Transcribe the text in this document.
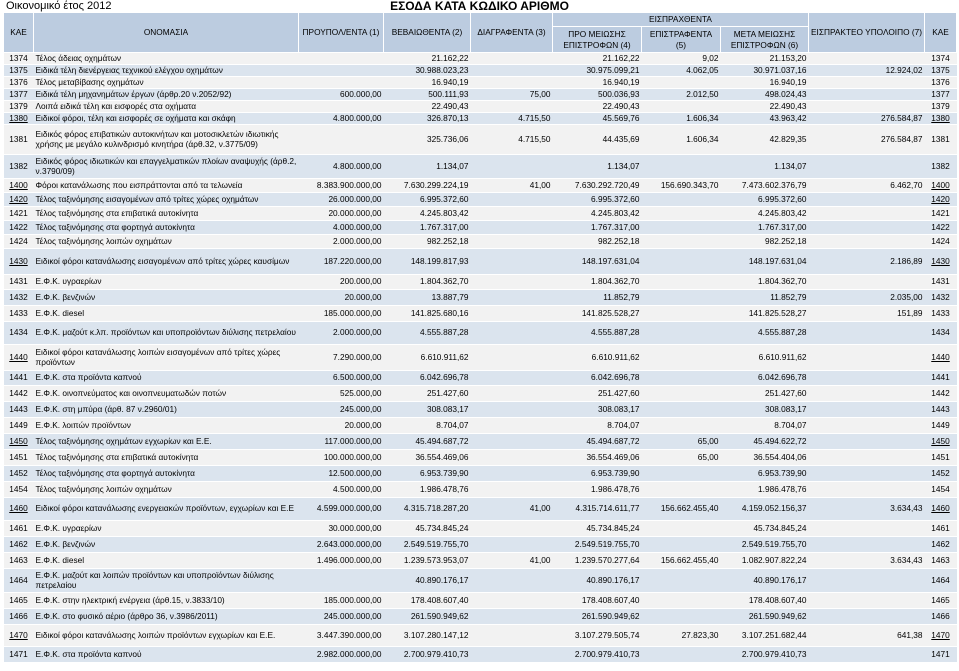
Οικονομικό έτος 2012	ΕΣΟΔΑ ΚΑΤΑ ΚΩΔΙΚΟ ΑΡΙΘΜΟ
ΚΑΕ	ΟΝΟΜΑΣΙΑ	ΠΡΟΥΠΟΛ/ΕΝΤΑ (1)	ΒΕΒΑΙΩΘΕΝΤΑ (2)	ΔΙΑΓΡΑΦΕΝΤΑ (3)	ΕΙΣΠΡΑΧΘΕΝΤΑ			ΕΙΣΠΡΑΚΤΕΟ ΥΠΟΛΟΙΠΟ (7)	ΚΑΕ
					ΠΡΟ ΜΕΙΩΣΗΣ ΕΠΙΣΤΡΟΦΩΝ (4)	ΕΠΙΣΤΡΑΦΕΝΤΑ (5)	ΜΕΤΑ ΜΕΙΩΣΗΣ ΕΠΙΣΤΡΟΦΩΝ (6)		
1374	Τέλος άδειας οχημάτων		21.162,22		21.162,22	9,02	21.153,20		1374
1375	Ειδικά τέλη διενέργειας τεχνικού ελέγχου οχημάτων		30.988.023,23		30.975.099,21	4.062,05	30.971.037,16	12.924,02	1375
1376	Τέλος μεταβίβασης οχημάτων		16.940,19		16.940,19		16.940,19		1376
1377	Ειδικά τέλη μηχανημάτων έργων (άρθρ.20 ν.2052/92)	600.000,00	500.111,93	75,00	500.036,93	2.012,50	498.024,43		1377
1379	Λοιπά ειδικά τέλη και εισφορές στα οχήματα		22.490,43		22.490,43		22.490,43		1379
1380	Ειδικοί φόροι, τέλη και εισφορές σε οχήματα και σκάφη	4.800.000,00	326.870,13	4.715,50	45.569,76	1.606,34	43.963,42	276.584,87	1380
1381	Ειδικός φόρος επιβατικών αυτοκινήτων και μοτοσικλετών ιδιωτικής χρήσης με μεγάλο κυλινδρισμό κινητήρα (άρθ.32, ν.3775/09)		325.736,06	4.715,50	44.435,69	1.606,34	42.829,35	276.584,87	1381
1382	Ειδικός φόρος ιδιωτικών και επαγγελματικών πλοίων αναψυχής (άρθ.2, ν.3790/09)	4.800.000,00	1.134,07		1.134,07		1.134,07		1382
1400	Φόροι κατανάλωσης που εισπράττονται από τα τελωνεία	8.383.900.000,00	7.630.299.224,19	41,00	7.630.292.720,49	156.690.343,70	7.473.602.376,79	6.462,70	1400
1420	Τέλος ταξινόμησης εισαγομένων από τρίτες χώρες οχημάτων	26.000.000,00	6.995.372,60		6.995.372,60		6.995.372,60		1420
1421	Τέλος ταξινόμησης στα επιβατικά αυτοκίνητα	20.000.000,00	4.245.803,42		4.245.803,42		4.245.803,42		1421
1422	Τέλος ταξινόμησης στα φορτηγά αυτοκίνητα	4.000.000,00	1.767.317,00		1.767.317,00		1.767.317,00		1422
1424	Τέλος ταξινόμησης λοιπών οχημάτων	2.000.000,00	982.252,18		982.252,18		982.252,18		1424
1430	Ειδικοί φόροι κατανάλωσης εισαγομένων από τρίτες χώρες καυσίμων	187.220.000,00	148.199.817,93		148.197.631,04		148.197.631,04	2.186,89	1430
1431	Ε.Φ.Κ. υγραερίων	200.000,00	1.804.362,70		1.804.362,70		1.804.362,70		1431
1432	Ε.Φ.Κ. βενζινών	20.000,00	13.887,79		11.852,79		11.852,79	2.035,00	1432
1433	Ε.Φ.Κ. diesel	185.000.000,00	141.825.680,16		141.825.528,27		141.825.528,27	151,89	1433
1434	Ε.Φ.Κ. μαζούτ κ.λπ. προϊόντων και υποπροϊόντων διύλισης πετρελαίου	2.000.000,00	4.555.887,28		4.555.887,28		4.555.887,28		1434
1440	Ειδικοί φόροι κατανάλωσης λοιπών εισαγομένων από τρίτες χώρες προϊόντων	7.290.000,00	6.610.911,62		6.610.911,62		6.610.911,62		1440
1441	Ε.Φ.Κ. στα προϊόντα καπνού	6.500.000,00	6.042.696,78		6.042.696,78		6.042.696,78		1441
1442	Ε.Φ.Κ. οινοπνεύματος και οινοπνευματωδών ποτών	525.000,00	251.427,60		251.427,60		251.427,60		1442
1443	Ε.Φ.Κ. στη μπύρα (άρθ. 87 ν.2960/01)	245.000,00	308.083,17		308.083,17		308.083,17		1443
1449	Ε.Φ.Κ. λοιπών προϊόντων	20.000,00	8.704,07		8.704,07		8.704,07		1449
1450	Τέλος ταξινόμησης οχημάτων εγχωρίων και Ε.Ε.	117.000.000,00	45.494.687,72		45.494.687,72	65,00	45.494.622,72		1450
1451	Τέλος ταξινόμησης στα επιβατικά αυτοκίνητα	100.000.000,00	36.554.469,06		36.554.469,06	65,00	36.554.404,06		1451
1452	Τέλος ταξινόμησης στα φορτηγά αυτοκίνητα	12.500.000,00	6.953.739,90		6.953.739,90		6.953.739,90		1452
1454	Τέλος ταξινόμησης λοιπών οχημάτων	4.500.000,00	1.986.478,76		1.986.478,76		1.986.478,76		1454
1460	Ειδικοί φόροι κατανάλωσης ενεργειακών προϊόντων, εγχωρίων και Ε.Ε	4.599.000.000,00	4.315.718.287,20	41,00	4.315.714.611,77	156.662.455,40	4.159.052.156,37	3.634,43	1460
1461	Ε.Φ.Κ. υγραερίων	30.000.000,00	45.734.845,24		45.734.845,24		45.734.845,24		1461
1462	Ε.Φ.Κ. βενζινών	2.643.000.000,00	2.549.519.755,70		2.549.519.755,70		2.549.519.755,70		1462
1463	Ε.Φ.Κ. diesel	1.496.000.000,00	1.239.573.953,07	41,00	1.239.570.277,64	156.662.455,40	1.082.907.822,24	3.634,43	1463
1464	Ε.Φ.Κ. μαζούτ και λοιπών προϊόντων και υποπροϊόντων διύλισης πετρελαίου		40.890.176,17		40.890.176,17		40.890.176,17		1464
1465	Ε.Φ.Κ. στην ηλεκτρική ενέργεια (άρθ.15, ν.3833/10)	185.000.000,00	178.408.607,40		178.408.607,40		178.408.607,40		1465
1466	Ε.Φ.Κ. στο φυσικό αέριο (άρθρο 36, ν.3986/2011)	245.000.000,00	261.590.949,62		261.590.949,62		261.590.949,62		1466
1470	Ειδικοί φόροι κατανάλωσης λοιπών προϊόντων εγχωρίων και Ε.Ε.	3.447.390.000,00	3.107.280.147,12		3.107.279.505,74	27.823,30	3.107.251.682,44	641,38	1470
1471	Ε.Φ.Κ. στα προϊόντα καπνού	2.982.000.000,00	2.700.979.410,73		2.700.979.410,73		2.700.979.410,73		1471
